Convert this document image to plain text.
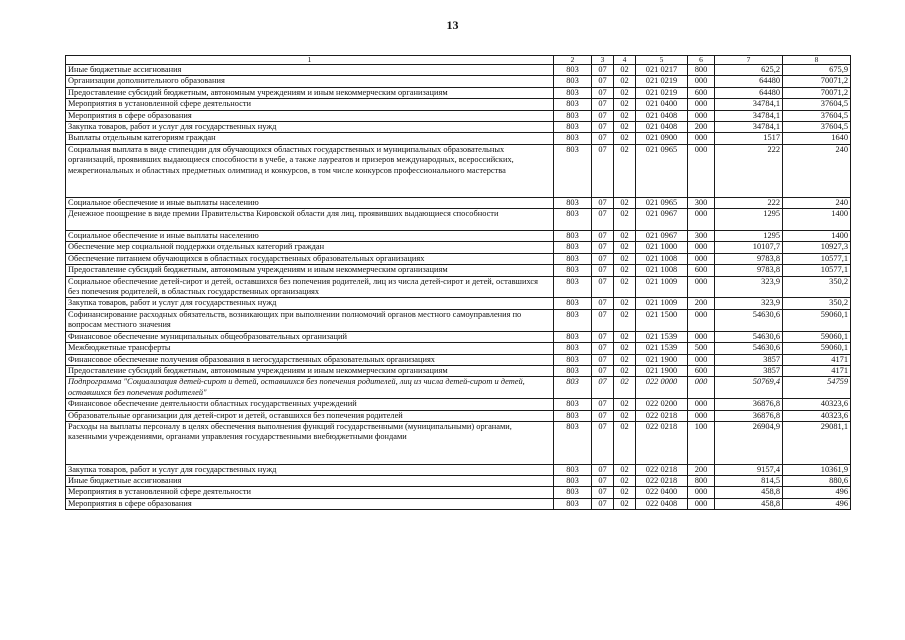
13
1	2	3	4	5	6	7	8
Иные бюджетные ассигнования	803	07	02	021 0217	800	625,2	675,9
Организации дополнительного образования	803	07	02	021 0219	000	64480	70071,2
Предоставление субсидий бюджетным, автономным учреждениям и иным некоммерческим организациям	803	07	02	021 0219	600	64480	70071,2
Мероприятия в установленной сфере деятельности	803	07	02	021 0400	000	34784,1	37604,5
Мероприятия в сфере образования	803	07	02	021 0408	000	34784,1	37604,5
Закупка товаров, работ и услуг для государственных нужд	803	07	02	021 0408	200	34784,1	37604,5
Выплаты отдельным категориям граждан	803	07	02	021 0900	000	1517	1640
Социальная выплата в виде стипендии для обучающихся областных государственных и муниципальных образовательных организаций, проявивших выдающиеся способности в учебе, а также лауреатов и призеров международных, всероссийских, межрегиональных и областных предметных олимпиад и конкурсов, в том числе конкурсов профессионального мастерства	803	07	02	021 0965	000	222	240
Социальное обеспечение и иные выплаты населению	803	07	02	021 0965	300	222	240
Денежное поощрение в виде премии Правительства Кировской области для лиц, проявивших выдающиеся способности	803	07	02	021 0967	000	1295	1400
Социальное обеспечение и иные выплаты населению	803	07	02	021 0967	300	1295	1400
Обеспечение мер социальной поддержки отдельных категорий граждан	803	07	02	021 1000	000	10107,7	10927,3
Обеспечение питанием обучающихся в областных государственных образовательных организациях	803	07	02	021 1008	000	9783,8	10577,1
Предоставление субсидий бюджетным, автономным учреждениям и иным некоммерческим организациям	803	07	02	021 1008	600	9783,8	10577,1
Социальное обеспечение детей-сирот и детей, оставшихся без попечения родителей, лиц из числа детей-сирот и детей, оставшихся без попечения родителей, в областных государственных организациях	803	07	02	021 1009	000	323,9	350,2
Закупка товаров, работ и услуг для государственных нужд	803	07	02	021 1009	200	323,9	350,2
Софинансирование расходных обязательств, возникающих при выполнении полномочий органов местного самоуправления по вопросам местного значения	803	07	02	021 1500	000	54630,6	59060,1
Финансовое обеспечение муниципальных общеобразовательных организаций	803	07	02	021 1539	000	54630,6	59060,1
Межбюджетные трансферты	803	07	02	021 1539	500	54630,6	59060,1
Финансовое обеспечение получения образования в негосударственных образовательных организациях	803	07	02	021 1900	000	3857	4171
Предоставление субсидий бюджетным, автономным учреждениям и иным некоммерческим организациям	803	07	02	021 1900	600	3857	4171
Подпрограмма "Социализация детей-сирот и детей, оставшихся без попечения родителей, лиц из числа детей-сирот и детей, оставшихся без попечения родителей"	803	07	02	022 0000	000	50769,4	54759
Финансовое обеспечение деятельности областных государственных учреждений	803	07	02	022 0200	000	36876,8	40323,6
Образовательные организации для детей-сирот и детей, оставшихся без попечения родителей	803	07	02	022 0218	000	36876,8	40323,6
Расходы на выплаты персоналу в целях обеспечения выполнения функций государственными (муниципальными) органами, казенными учреждениями, органами управления государственными внебюджетными фондами	803	07	02	022 0218	100	26904,9	29081,1
Закупка товаров, работ и услуг для государственных нужд	803	07	02	022 0218	200	9157,4	10361,9
Иные бюджетные ассигнования	803	07	02	022 0218	800	814,5	880,6
Мероприятия в установленной сфере деятельности	803	07	02	022 0400	000	458,8	496
Мероприятия в сфере образования	803	07	02	022 0408	000	458,8	496
